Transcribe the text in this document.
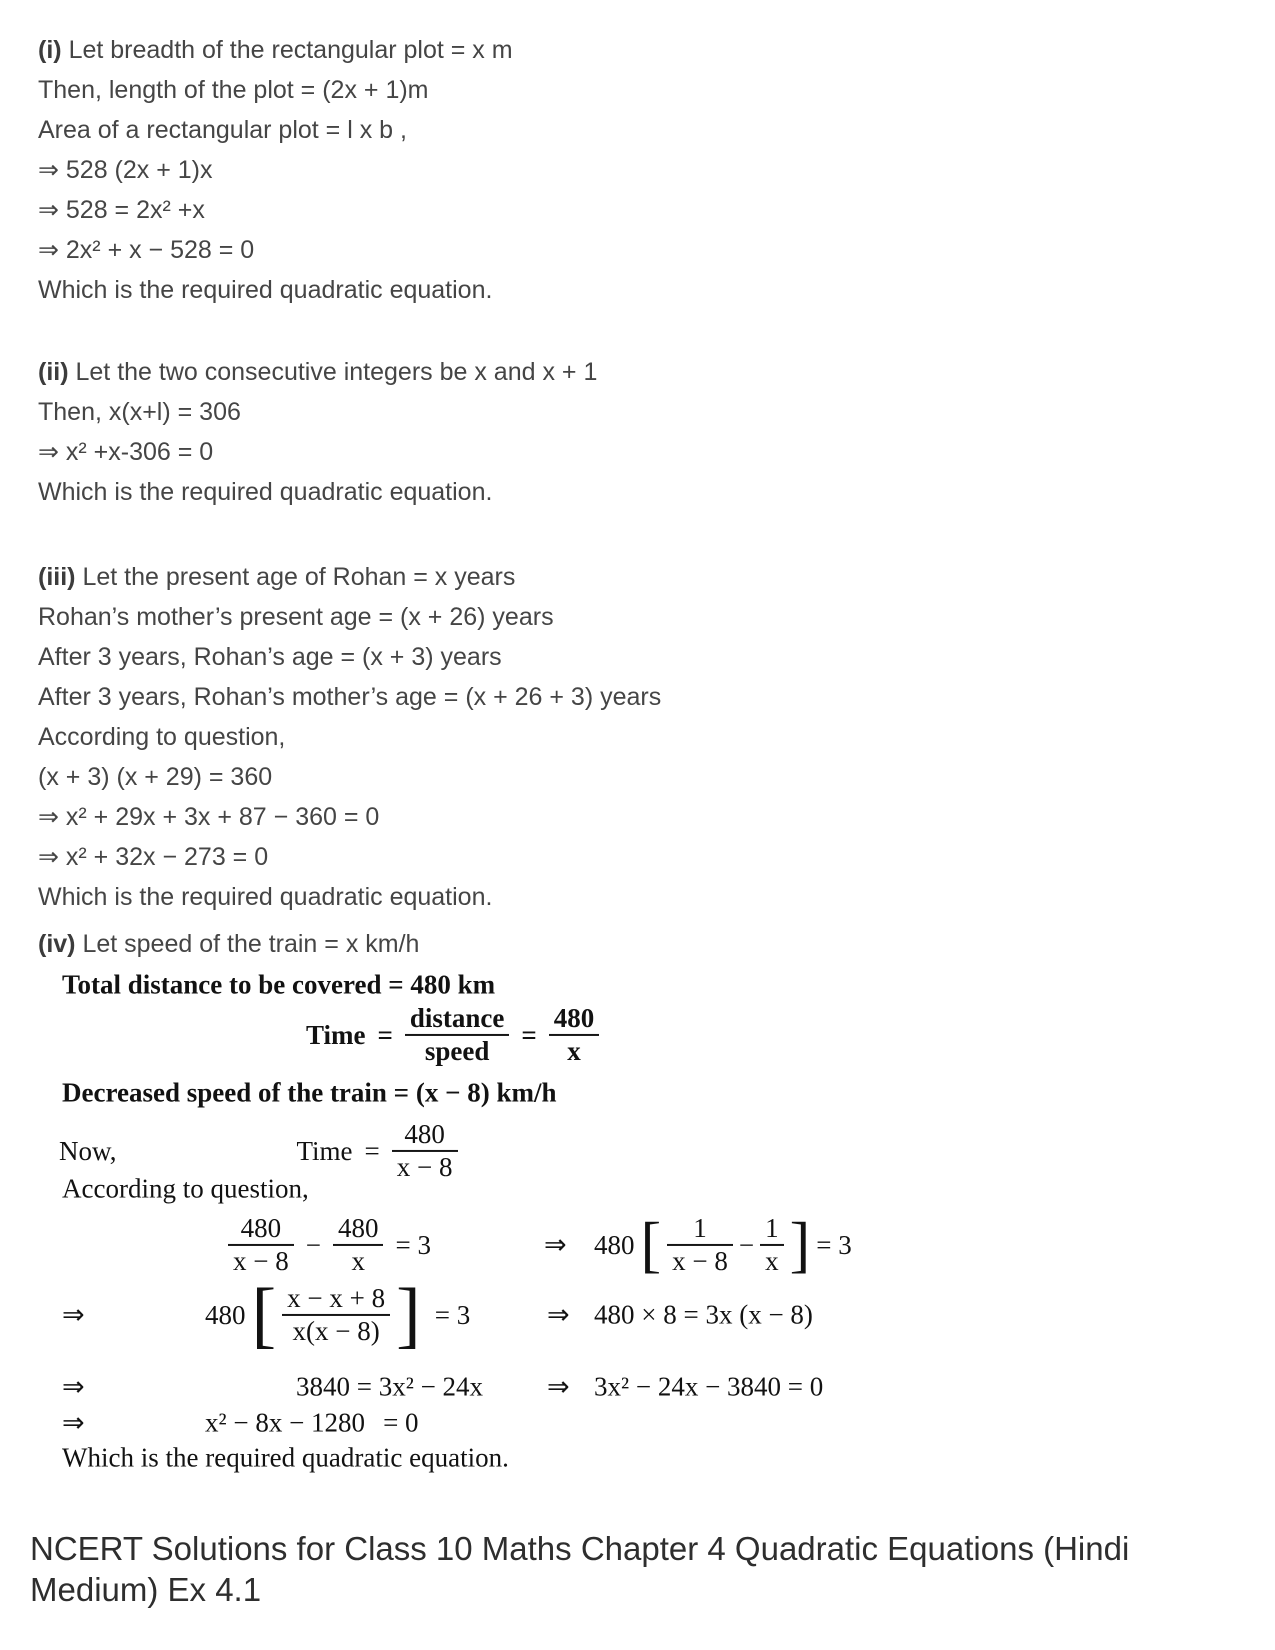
(i) Let breadth of the rectangular plot = x m
Then, length of the plot = (2x + 1)m
Area of a rectangular plot = l x b ,
⇒ 528 (2x + 1)x
⇒ 528 = 2x² +x
⇒ 2x² + x − 528 = 0
Which is the required quadratic equation.
(ii) Let the two consecutive integers be x and x + 1
Then, x(x+l) = 306
⇒ x² +x-306 = 0
Which is the required quadratic equation.
(iii) Let the present age of Rohan = x years
Rohan’s mother’s present age = (x + 26) years
After 3 years, Rohan’s age = (x + 3) years
After 3 years, Rohan’s mother’s age = (x + 26 + 3) years
According to question,
(x + 3) (x + 29) = 360
⇒ x² + 29x + 3x + 87 − 360 = 0
⇒ x² + 32x − 273 = 0
Which is the required quadratic equation.
(iv) Let speed of the train = x km/h
Total distance to be covered = 480 km
Time = $\frac{\text{distance}}{\text{speed}} = \frac{480}{x}$
Decreased speed of the train = (x − 8) km/h
Now,	Time = $\frac{480}{x - 8}$
According to question,
$\frac{480}{x - 8} - \frac{480}{x} = 3$	⇒ 480 [ $\frac{1}{x - 8} - \frac{1}{x}$ ] = 3
⇒	480 [ $\frac{x - x + 8}{x(x - 8)}$ ] = 3	⇒ 480 × 8 = 3x (x − 8)
⇒	3840 = 3x² − 24x ⇒ 3x² − 24x − 3840 = 0
⇒	x² − 8x − 1280 = 0
Which is the required quadratic equation.
NCERT Solutions for Class 10 Maths Chapter 4 Quadratic Equations (Hindi Medium) Ex 4.1
